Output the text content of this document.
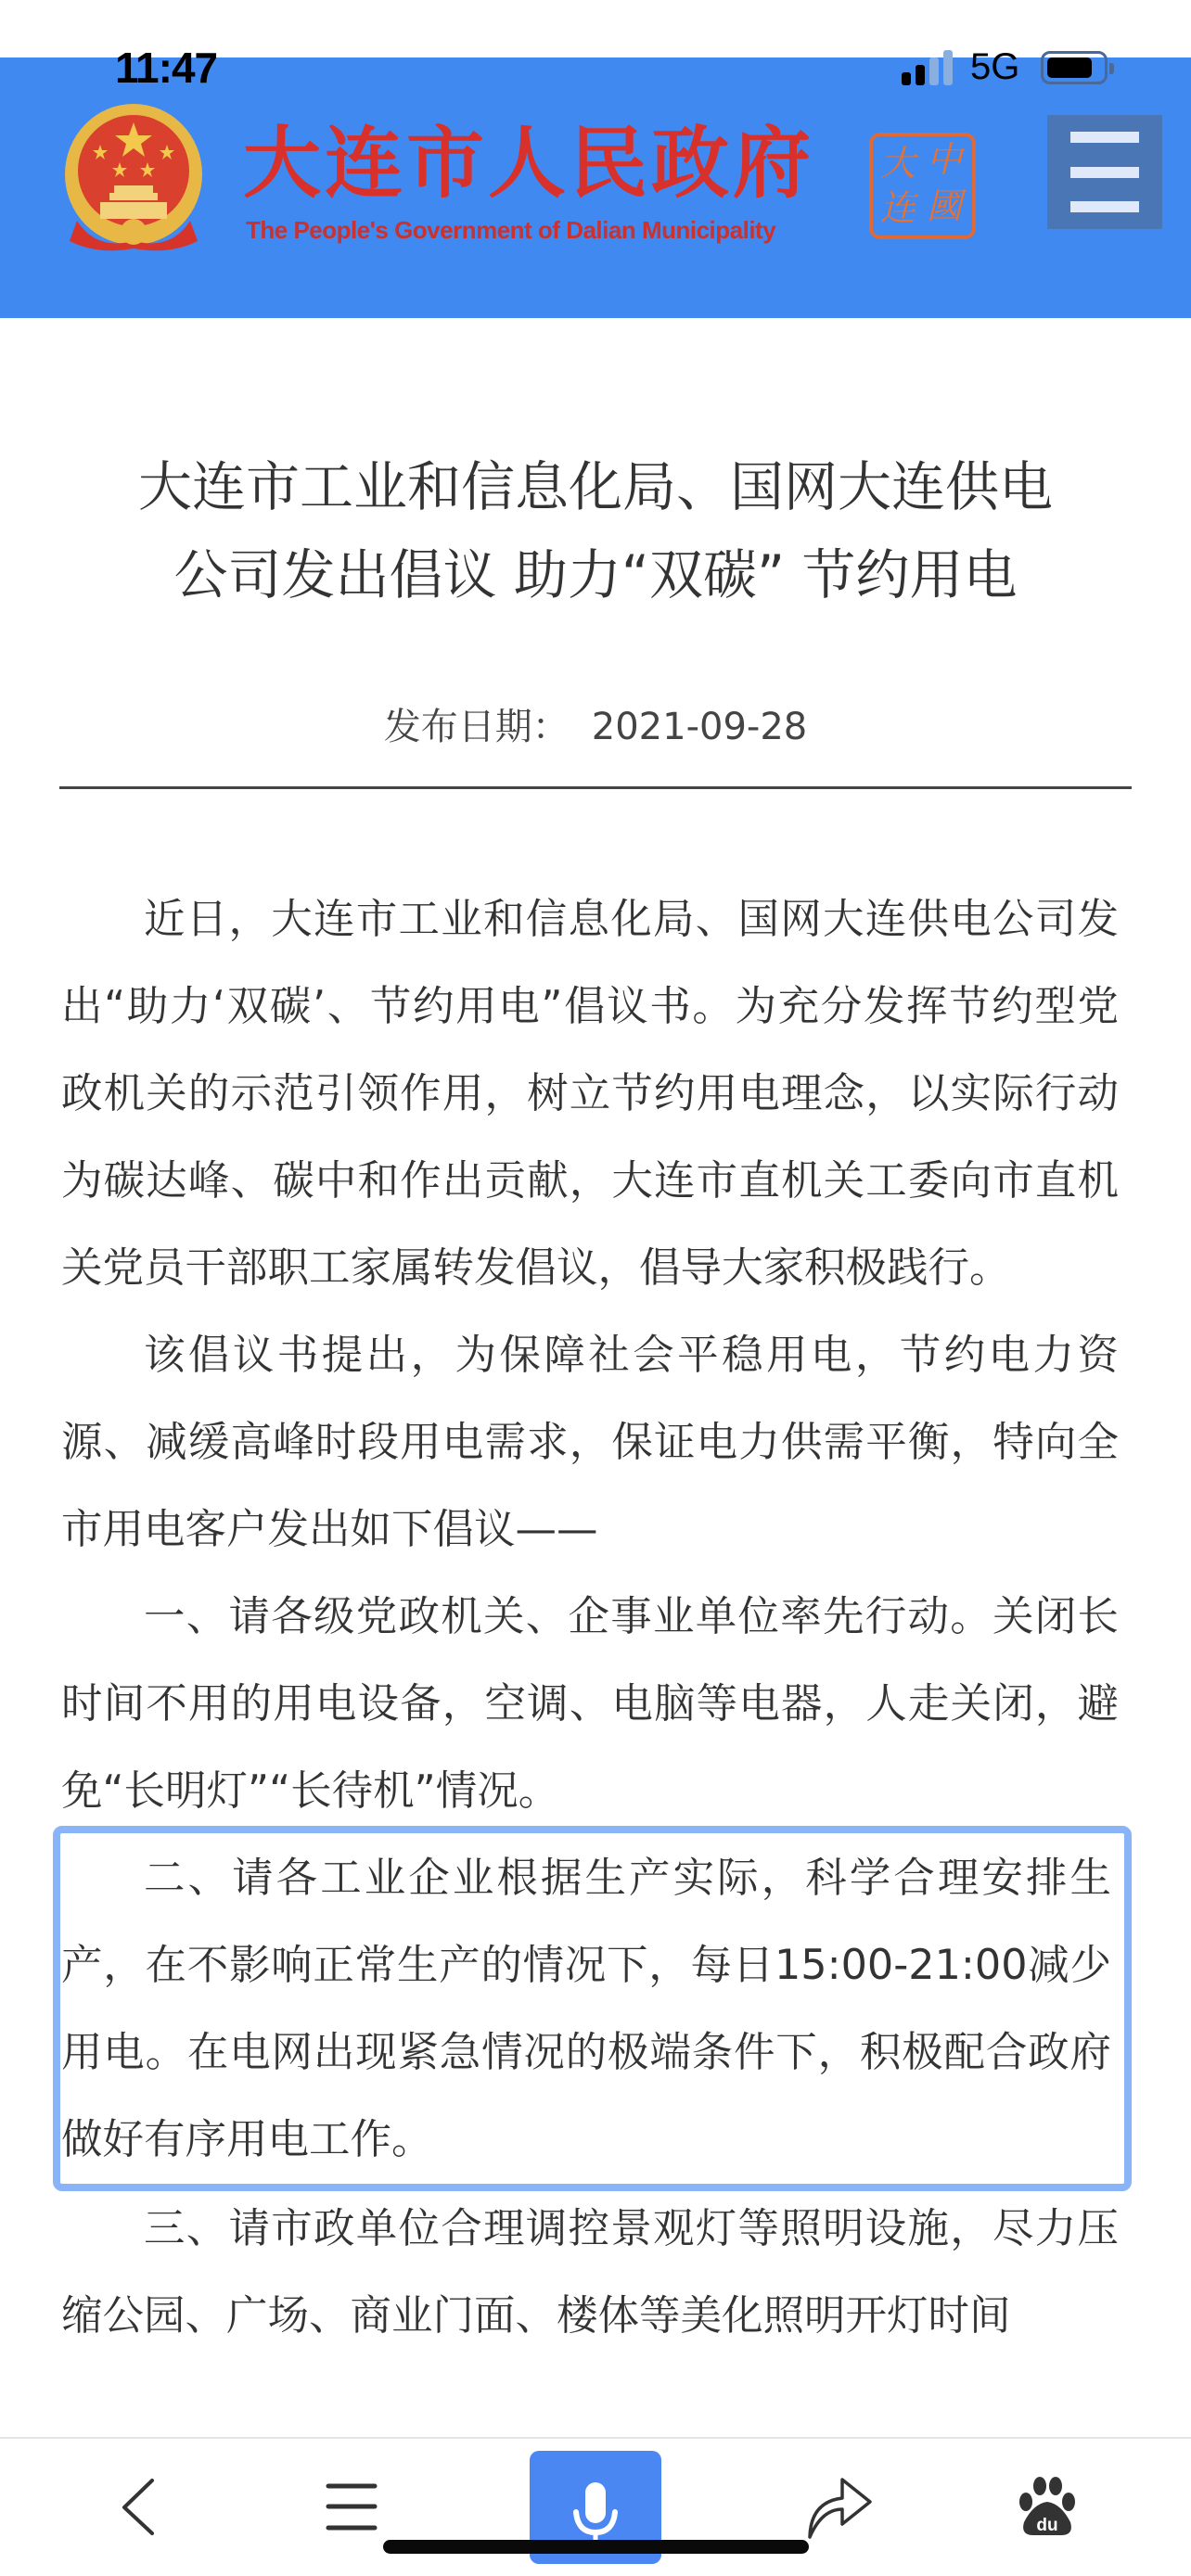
11:47	5G
大连市人民政府
The People's Government of Dalian Municipality
大
连
中
國
大连市工业和信息化局、国网大连供电
公司发出倡议 助力“双碳” 节约用电
发布日期： 2021-09-28

近日，大连市工业和信息化局、国网大连供电公司发出“助力‘双碳’、节约用电”倡议书。为充分发挥节约型党政机关的示范引领作用，树立节约用电理念，以实际行动为碳达峰、碳中和作出贡献，大连市直机关工委向市直机关党员干部职工家属转发倡议，倡导大家积极践行。

该倡议书提出，为保障社会平稳用电，节约电力资源、减缓高峰时段用电需求，保证电力供需平衡，特向全市用电客户发出如下倡议——

一、请各级党政机关、企事业单位率先行动。关闭长时间不用的用电设备，空调、电脑等电器，人走关闭，避免“长明灯”“长待机”情况。

二、请各工业企业根据生产实际，科学合理安排生产，在不影响正常生产的情况下，每日15:00-21:00减少用电。在电网出现紧急情况的极端条件下，积极配合政府做好有序用电工作。

三、请市政单位合理调控景观灯等照明设施，尽力压缩公园、广场、商业门面、楼体等美化照明开灯时间

du
